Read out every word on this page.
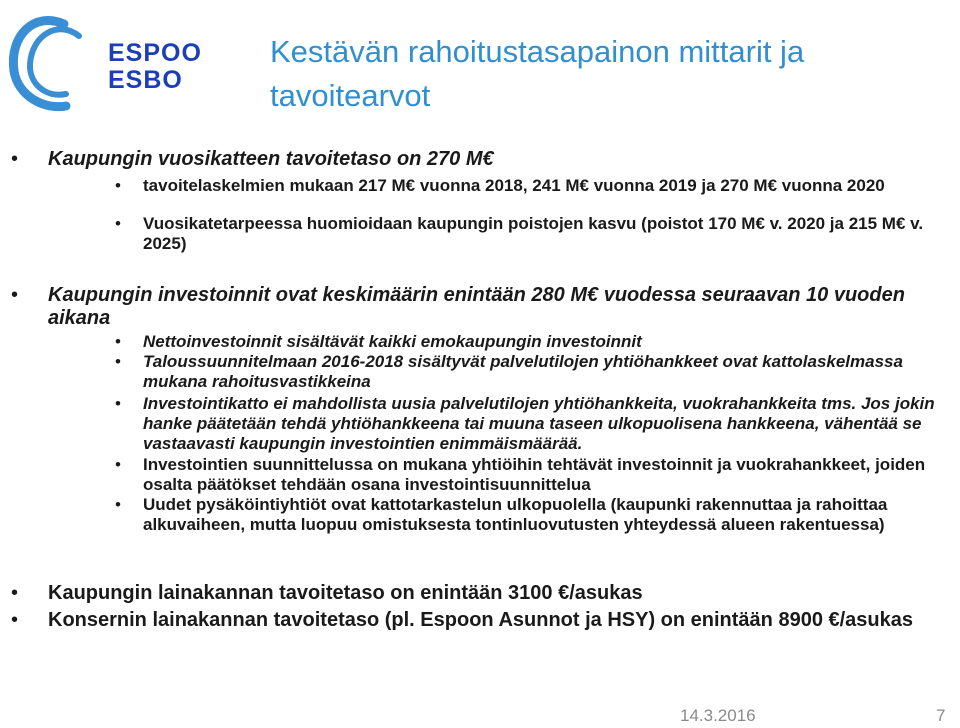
ESPOO
ESBO
Kestävän rahoitustasapainon mittarit ja tavoitearvot
• Kaupungin vuosikatteen tavoitetaso on 270 M€
• tavoitelaskelmien mukaan 217 M€ vuonna 2018, 241 M€ vuonna 2019 ja 270 M€ vuonna 2020
• Vuosikatetarpeessa huomioidaan kaupungin poistojen kasvu (poistot 170 M€ v. 2020 ja 215 M€ v. 2025)
• Kaupungin investoinnit ovat keskimäärin enintään 280 M€ vuodessa seuraavan 10 vuoden aikana
• Nettoinvestoinnit sisältävät kaikki emokaupungin investoinnit
• Taloussuunnitelmaan 2016-2018 sisältyvät palvelutilojen yhtiöhankkeet ovat kattolaskelmassa mukana rahoitusvastikkeina
• Investointikatto ei mahdollista uusia palvelutilojen yhtiöhankkeita, vuokrahankkeita tms. Jos jokin hanke päätetään tehdä yhtiöhankkeena tai muuna taseen ulkopuolisena hankkeena, vähentää se vastaavasti kaupungin investointien enimmäismäärää.
• Investointien suunnittelussa on mukana yhtiöihin tehtävät investoinnit ja vuokrahankkeet, joiden osalta päätökset tehdään osana investointisuunnittelua
• Uudet pysäköintiyhtiöt ovat kattotarkastelun ulkopuolella (kaupunki rakennuttaa ja rahoittaa alkuvaiheen, mutta luopuu omistuksesta tontinluovutusten yhteydessä alueen rakentuessa)
• Kaupungin lainakannan tavoitetaso on enintään 3100 €/asukas
• Konsernin lainakannan tavoitetaso (pl. Espoon Asunnot ja HSY) on enintään 8900 €/asukas
14.3.2016	7
